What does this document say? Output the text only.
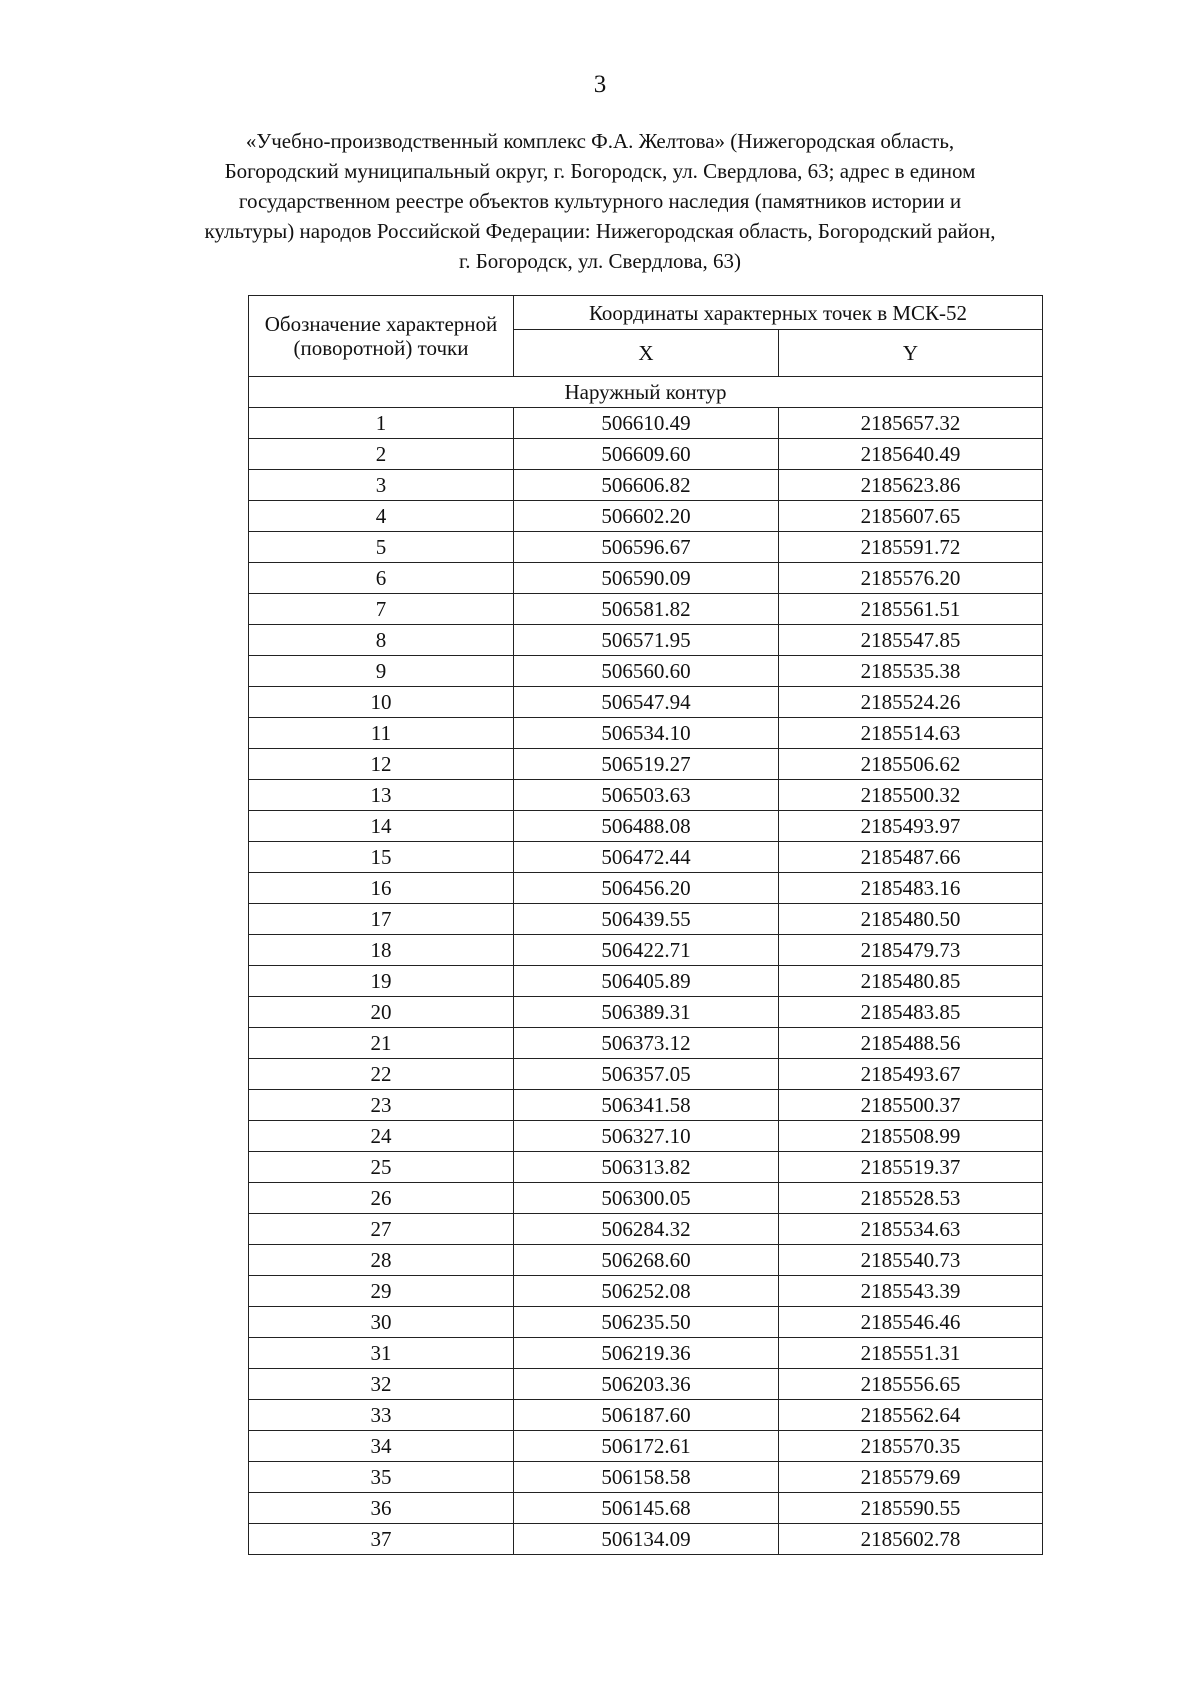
3
«Учебно-производственный комплекс Ф.А. Желтова» (Нижегородская область,
Богородский муниципальный округ, г. Богородск, ул. Свердлова, 63; адрес в едином
государственном реестре объектов культурного наследия (памятников истории и
культуры) народов Российской Федерации: Нижегородская область, Богородский район,
г. Богородск, ул. Свердлова, 63)
Обозначение характерной (поворотной) точки	Координаты характерных точек в МСК-52	
	X	Y
Наружный контур		
1	506610.49	2185657.32
2	506609.60	2185640.49
3	506606.82	2185623.86
4	506602.20	2185607.65
5	506596.67	2185591.72
6	506590.09	2185576.20
7	506581.82	2185561.51
8	506571.95	2185547.85
9	506560.60	2185535.38
10	506547.94	2185524.26
11	506534.10	2185514.63
12	506519.27	2185506.62
13	506503.63	2185500.32
14	506488.08	2185493.97
15	506472.44	2185487.66
16	506456.20	2185483.16
17	506439.55	2185480.50
18	506422.71	2185479.73
19	506405.89	2185480.85
20	506389.31	2185483.85
21	506373.12	2185488.56
22	506357.05	2185493.67
23	506341.58	2185500.37
24	506327.10	2185508.99
25	506313.82	2185519.37
26	506300.05	2185528.53
27	506284.32	2185534.63
28	506268.60	2185540.73
29	506252.08	2185543.39
30	506235.50	2185546.46
31	506219.36	2185551.31
32	506203.36	2185556.65
33	506187.60	2185562.64
34	506172.61	2185570.35
35	506158.58	2185579.69
36	506145.68	2185590.55
37	506134.09	2185602.78
